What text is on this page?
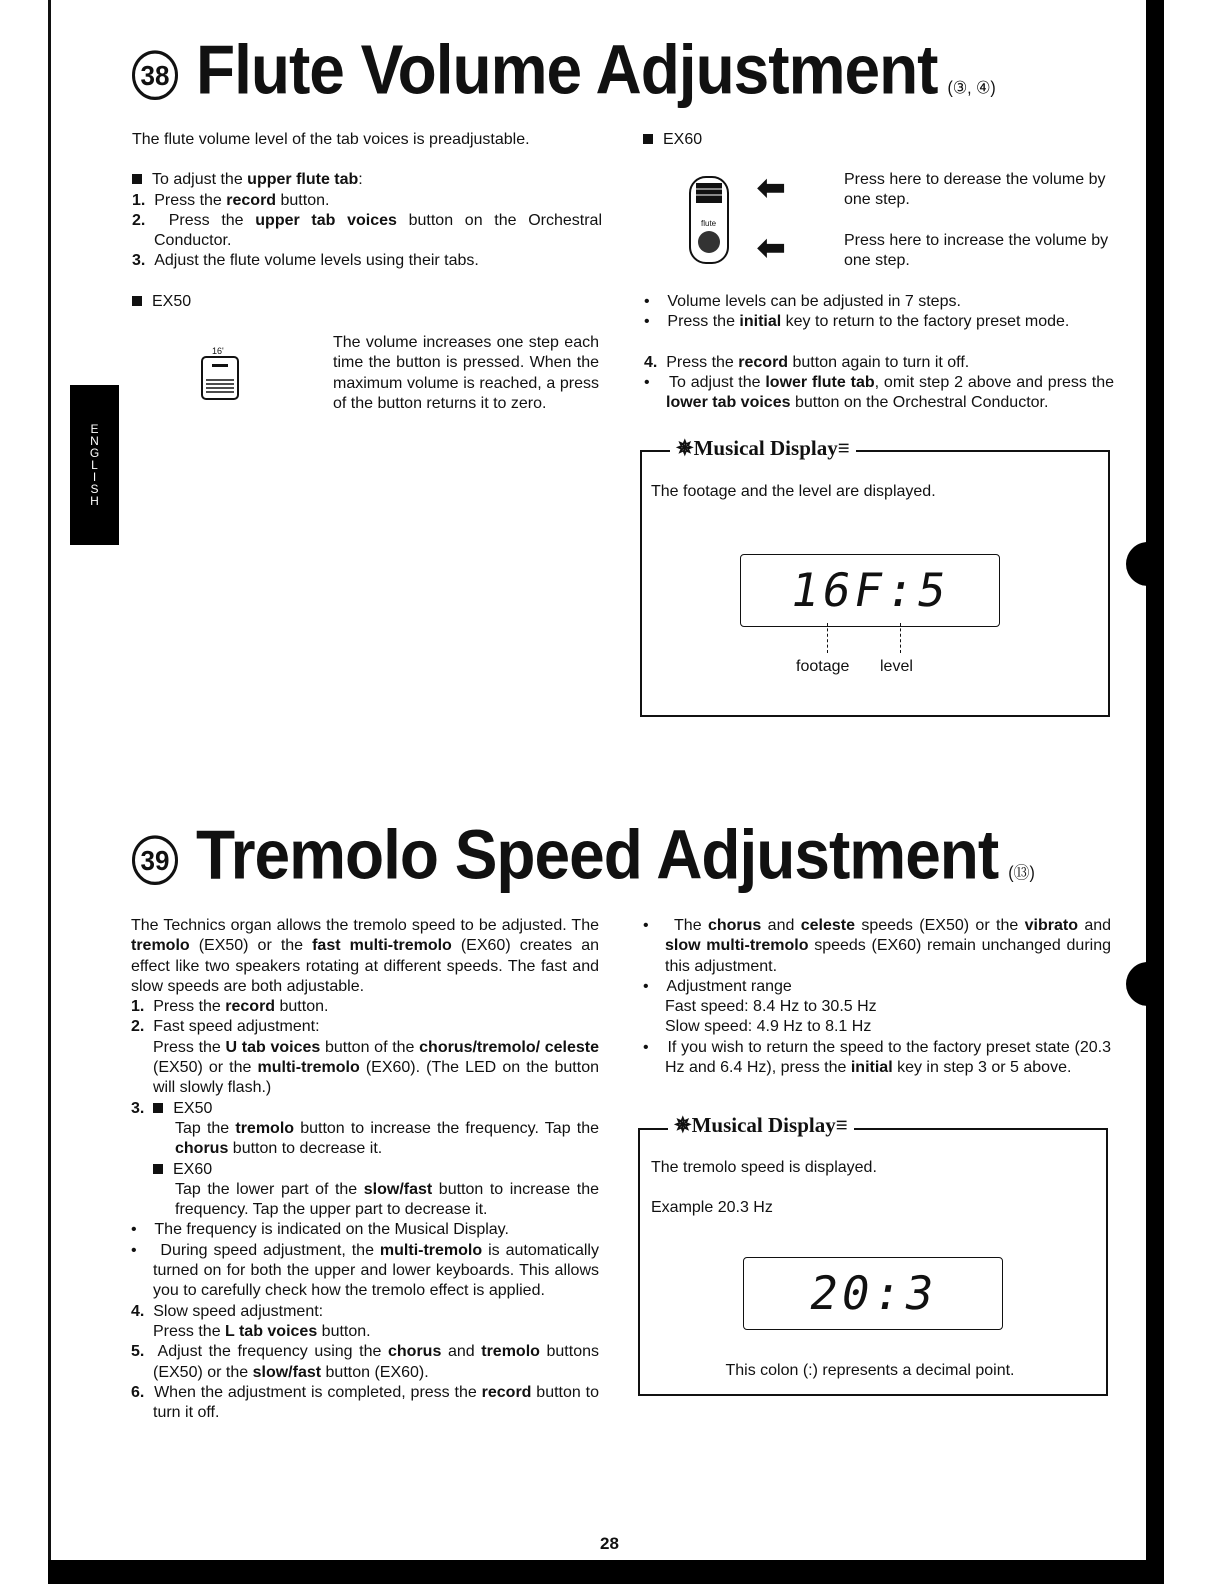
E
N
G
L
I
S
H
38 Flute Volume Adjustment (③, ④)
The flute volume level of the tab voices is preadjustable.
To adjust the upper flute tab:
1.  Press the record button.
2.  Press the upper tab voices button on the Orchestral Conductor.
3.  Adjust the flute volume levels using their tabs.
EX50
16'	The volume increases one step each time the button is pressed. When the maximum volume is reached, a press of the button returns it to zero.
EX60
flute
⬅
⬅
Press here to derease the volume by one step.
Press here to increase the volume by one step.
•    Volume levels can be adjusted in 7 steps.
•    Press the initial key to return to the factory preset mode.
4.  Press the record button again to turn it off.
•    To adjust the lower flute tab, omit step 2 above and press the lower tab voices button on the Orchestral Conductor.
✵Musical Display≡
The footage and the level are displayed.
16F:5
footage level
39 Tremolo Speed Adjustment (⑬)
The Technics organ allows the tremolo speed to be adjusted. The tremolo (EX50) or the fast multi-tremolo (EX60) creates an effect like two speakers rotating at different speeds. The fast and slow speeds are both adjustable.
1.  Press the record button.
2.  Fast speed adjustment:
Press the U tab voices button of the chorus/tremolo/ celeste (EX50) or the multi-tremolo (EX60). (The LED on the button will slowly flash.)
3.  EX50
Tap the tremolo button to increase the frequency. Tap the chorus button to decrease it.
EX60
Tap the lower part of the slow/fast button to increase the frequency. Tap the upper part to decrease it.
•    The frequency is indicated on the Musical Display.
•    During speed adjustment, the multi-tremolo is automatically turned on for both the upper and lower keyboards. This allows you to carefully check how the tremolo effect is applied.
4.  Slow speed adjustment:
Press the L tab voices button.
5.  Adjust the frequency using the chorus and tremolo buttons (EX50) or the slow/fast button (EX60).
6.  When the adjustment is completed, press the record button to turn it off.
•    The chorus and celeste speeds (EX50) or the vibrato and slow multi-tremolo speeds (EX60) remain unchanged during this adjustment.
•    Adjustment range
Fast speed: 8.4 Hz to 30.5 Hz
Slow speed: 4.9 Hz to 8.1 Hz
•    If you wish to return the speed to the factory preset state (20.3 Hz and 6.4 Hz), press the initial key in step 3 or 5 above.
✵Musical Display≡
The tremolo speed is displayed.
Example 20.3 Hz
20:3
This colon (:) represents a decimal point.
28
